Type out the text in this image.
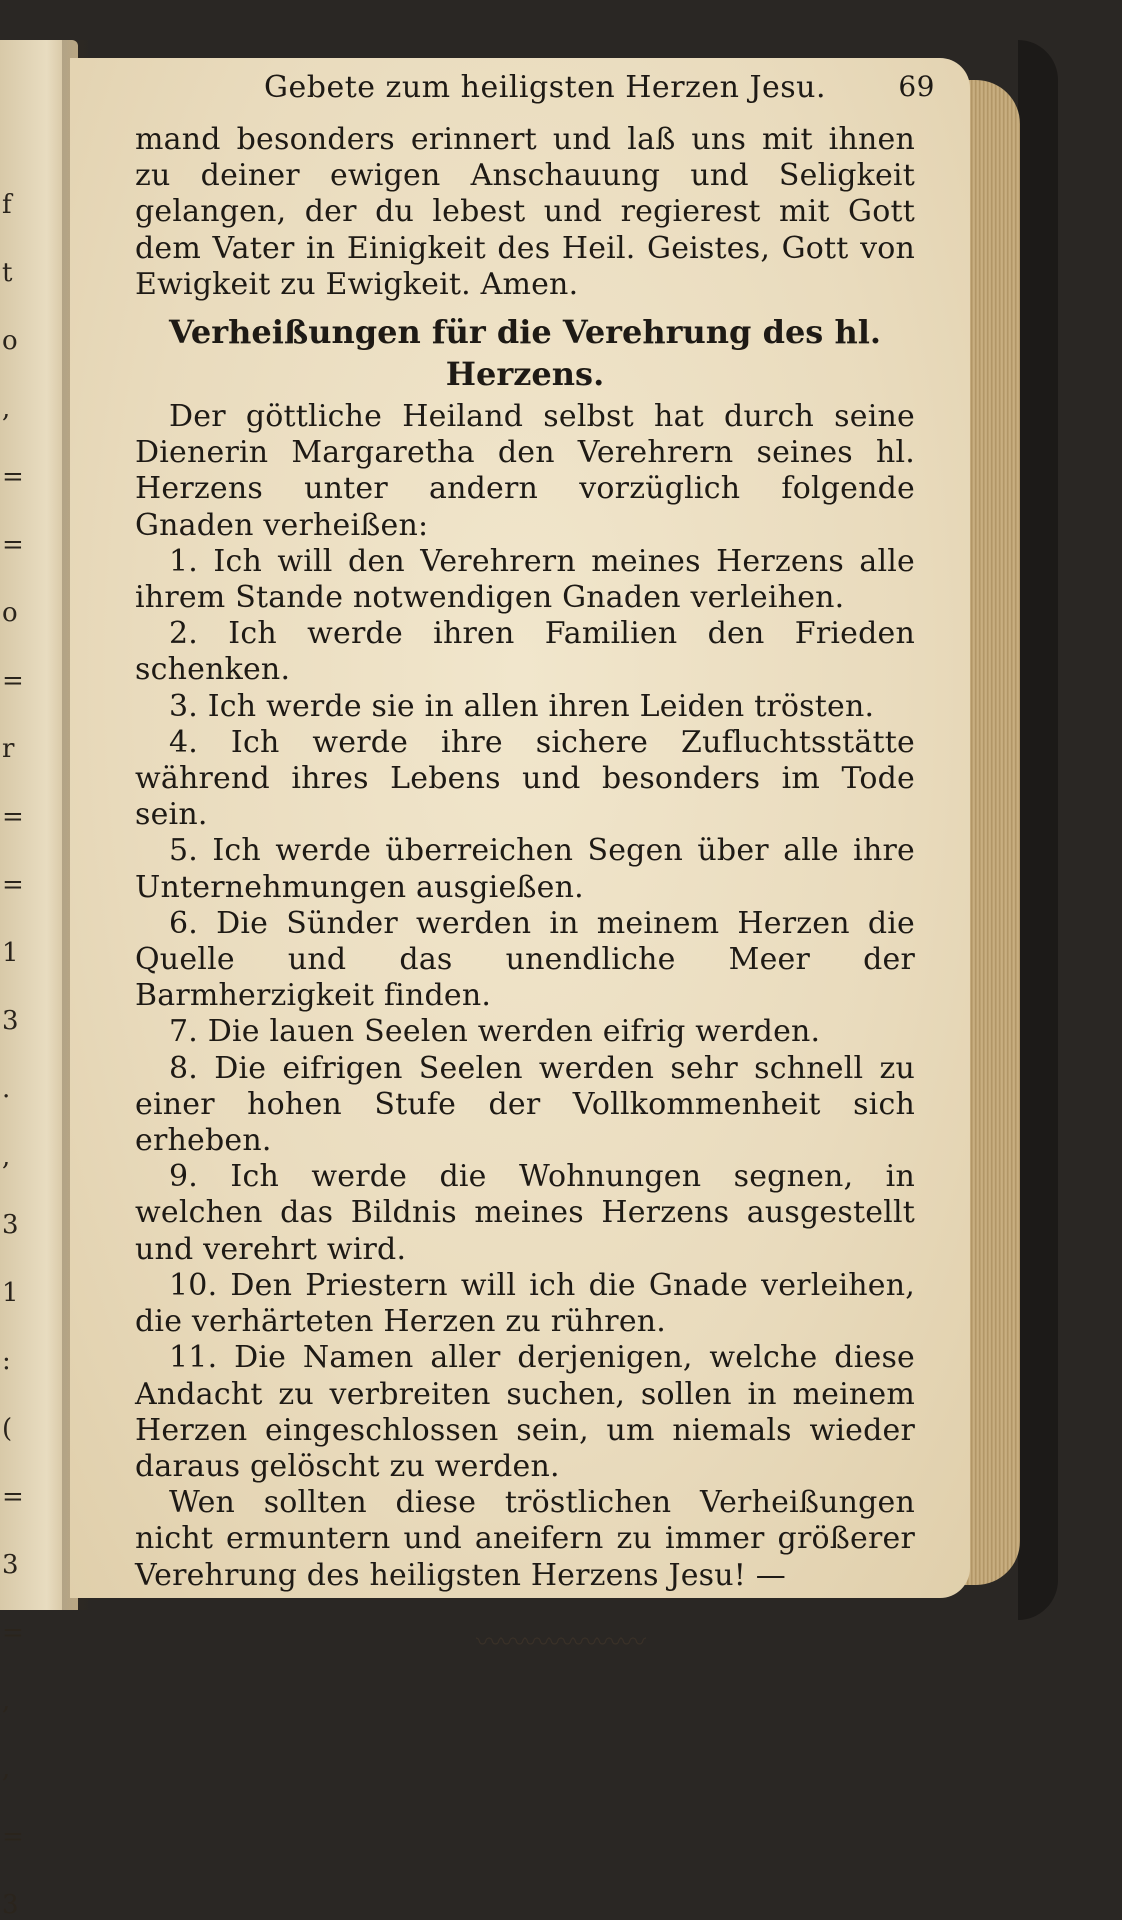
f
t
o
,
=
=
o
=
r
=
=
1
3
.
,
3
1
:
(
=
3
=
,
,
=
3
Gebete zum heiligsten Herzen Jesu.	69

mand besonders erinnert und laß uns mit ihnen zu deiner ewigen Anschauung und Seligkeit gelangen, der du lebest und regierest mit Gott dem Vater in Einigkeit des Heil. Geistes, Gott von Ewigkeit zu Ewigkeit. Amen.

Verheißungen für die Verehrung des hl. Herzens.

Der göttliche Heiland selbst hat durch seine Dienerin Margaretha den Verehrern seines hl. Herzens unter andern vorzüglich folgende Gnaden verheißen:

1. Ich will den Verehrern meines Herzens alle ihrem Stande notwendigen Gnaden verleihen.

2. Ich werde ihren Familien den Frieden schenken.

3. Ich werde sie in allen ihren Leiden trösten.

4. Ich werde ihre sichere Zufluchtsstätte während ihres Lebens und besonders im Tode sein.

5. Ich werde überreichen Segen über alle ihre Unternehmungen ausgießen.

6. Die Sünder werden in meinem Herzen die Quelle und das unendliche Meer der Barmherzigkeit finden.

7. Die lauen Seelen werden eifrig werden.

8. Die eifrigen Seelen werden sehr schnell zu einer hohen Stufe der Vollkommenheit sich erheben.

9. Ich werde die Wohnungen segnen, in welchen das Bildnis meines Herzens ausgestellt und verehrt wird.

10. Den Priestern will ich die Gnade verleihen, die verhärteten Herzen zu rühren.

11. Die Namen aller derjenigen, welche diese Andacht zu verbreiten suchen, sollen in meinem Herzen eingeschlossen sein, um niemals wieder daraus gelöscht zu werden.

Wen sollten diese tröstlichen Verheißungen nicht ermuntern und aneifern zu immer größerer Verehrung des heiligsten Herzens Jesu! —

〰〰〰〰〰〰〰
